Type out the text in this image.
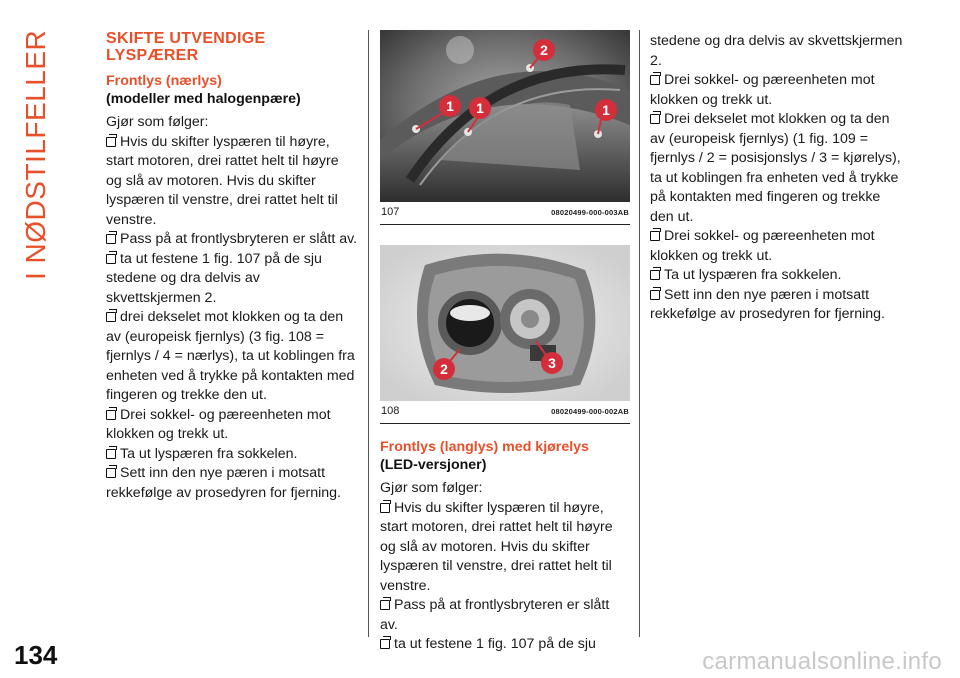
I NØDSTILFELLER
134	carmanualsonline.info
SKIFTE UTVENDIGE LYSPÆRER
Frontlys (nærlys)
(modeller med halogenpære)

Gjør som følger:

Hvis du skifter lyspæren til høyre, start motoren, drei rattet helt til høyre og slå av motoren. Hvis du skifter lyspæren til venstre, drei rattet helt til venstre.

Pass på at frontlysbryteren er slått av.

ta ut festene 1 fig. 107 på de sju stedene og dra delvis av skvettskjermen 2.

drei dekselet mot klokken og ta den av (europeisk fjernlys) (3 fig. 108 = fjernlys / 4 = nærlys), ta ut koblingen fra enheten ved å trykke på kontakten med fingeren og trekke den ut.

Drei sokkel- og pæreenheten mot klokken og trekk ut.

Ta ut lyspæren fra sokkelen.

Sett inn den nye pæren i motsatt rekkefølge av prosedyren for fjerning.

1 1	1
2
107	08020499-000-003AB
2	3
108	08020499-000-002AB
Frontlys (langlys) med kjørelys
(LED-versjoner)

Gjør som følger:

Hvis du skifter lyspæren til høyre, start motoren, drei rattet helt til høyre og slå av motoren. Hvis du skifter lyspæren til venstre, drei rattet helt til venstre.

Pass på at frontlysbryteren er slått av.

ta ut festene 1 fig. 107 på de sju

stedene og dra delvis av skvettskjermen 2.

Drei sokkel- og pæreenheten mot klokken og trekk ut.

Drei dekselet mot klokken og ta den av (europeisk fjernlys) (1 fig. 109 = fjernlys / 2 = posisjonslys / 3 = kjørelys), ta ut koblingen fra enheten ved å trykke på kontakten med fingeren og trekke den ut.

Drei sokkel- og pæreenheten mot klokken og trekk ut.

Ta ut lyspæren fra sokkelen.

Sett inn den nye pæren i motsatt rekkefølge av prosedyren for fjerning.
